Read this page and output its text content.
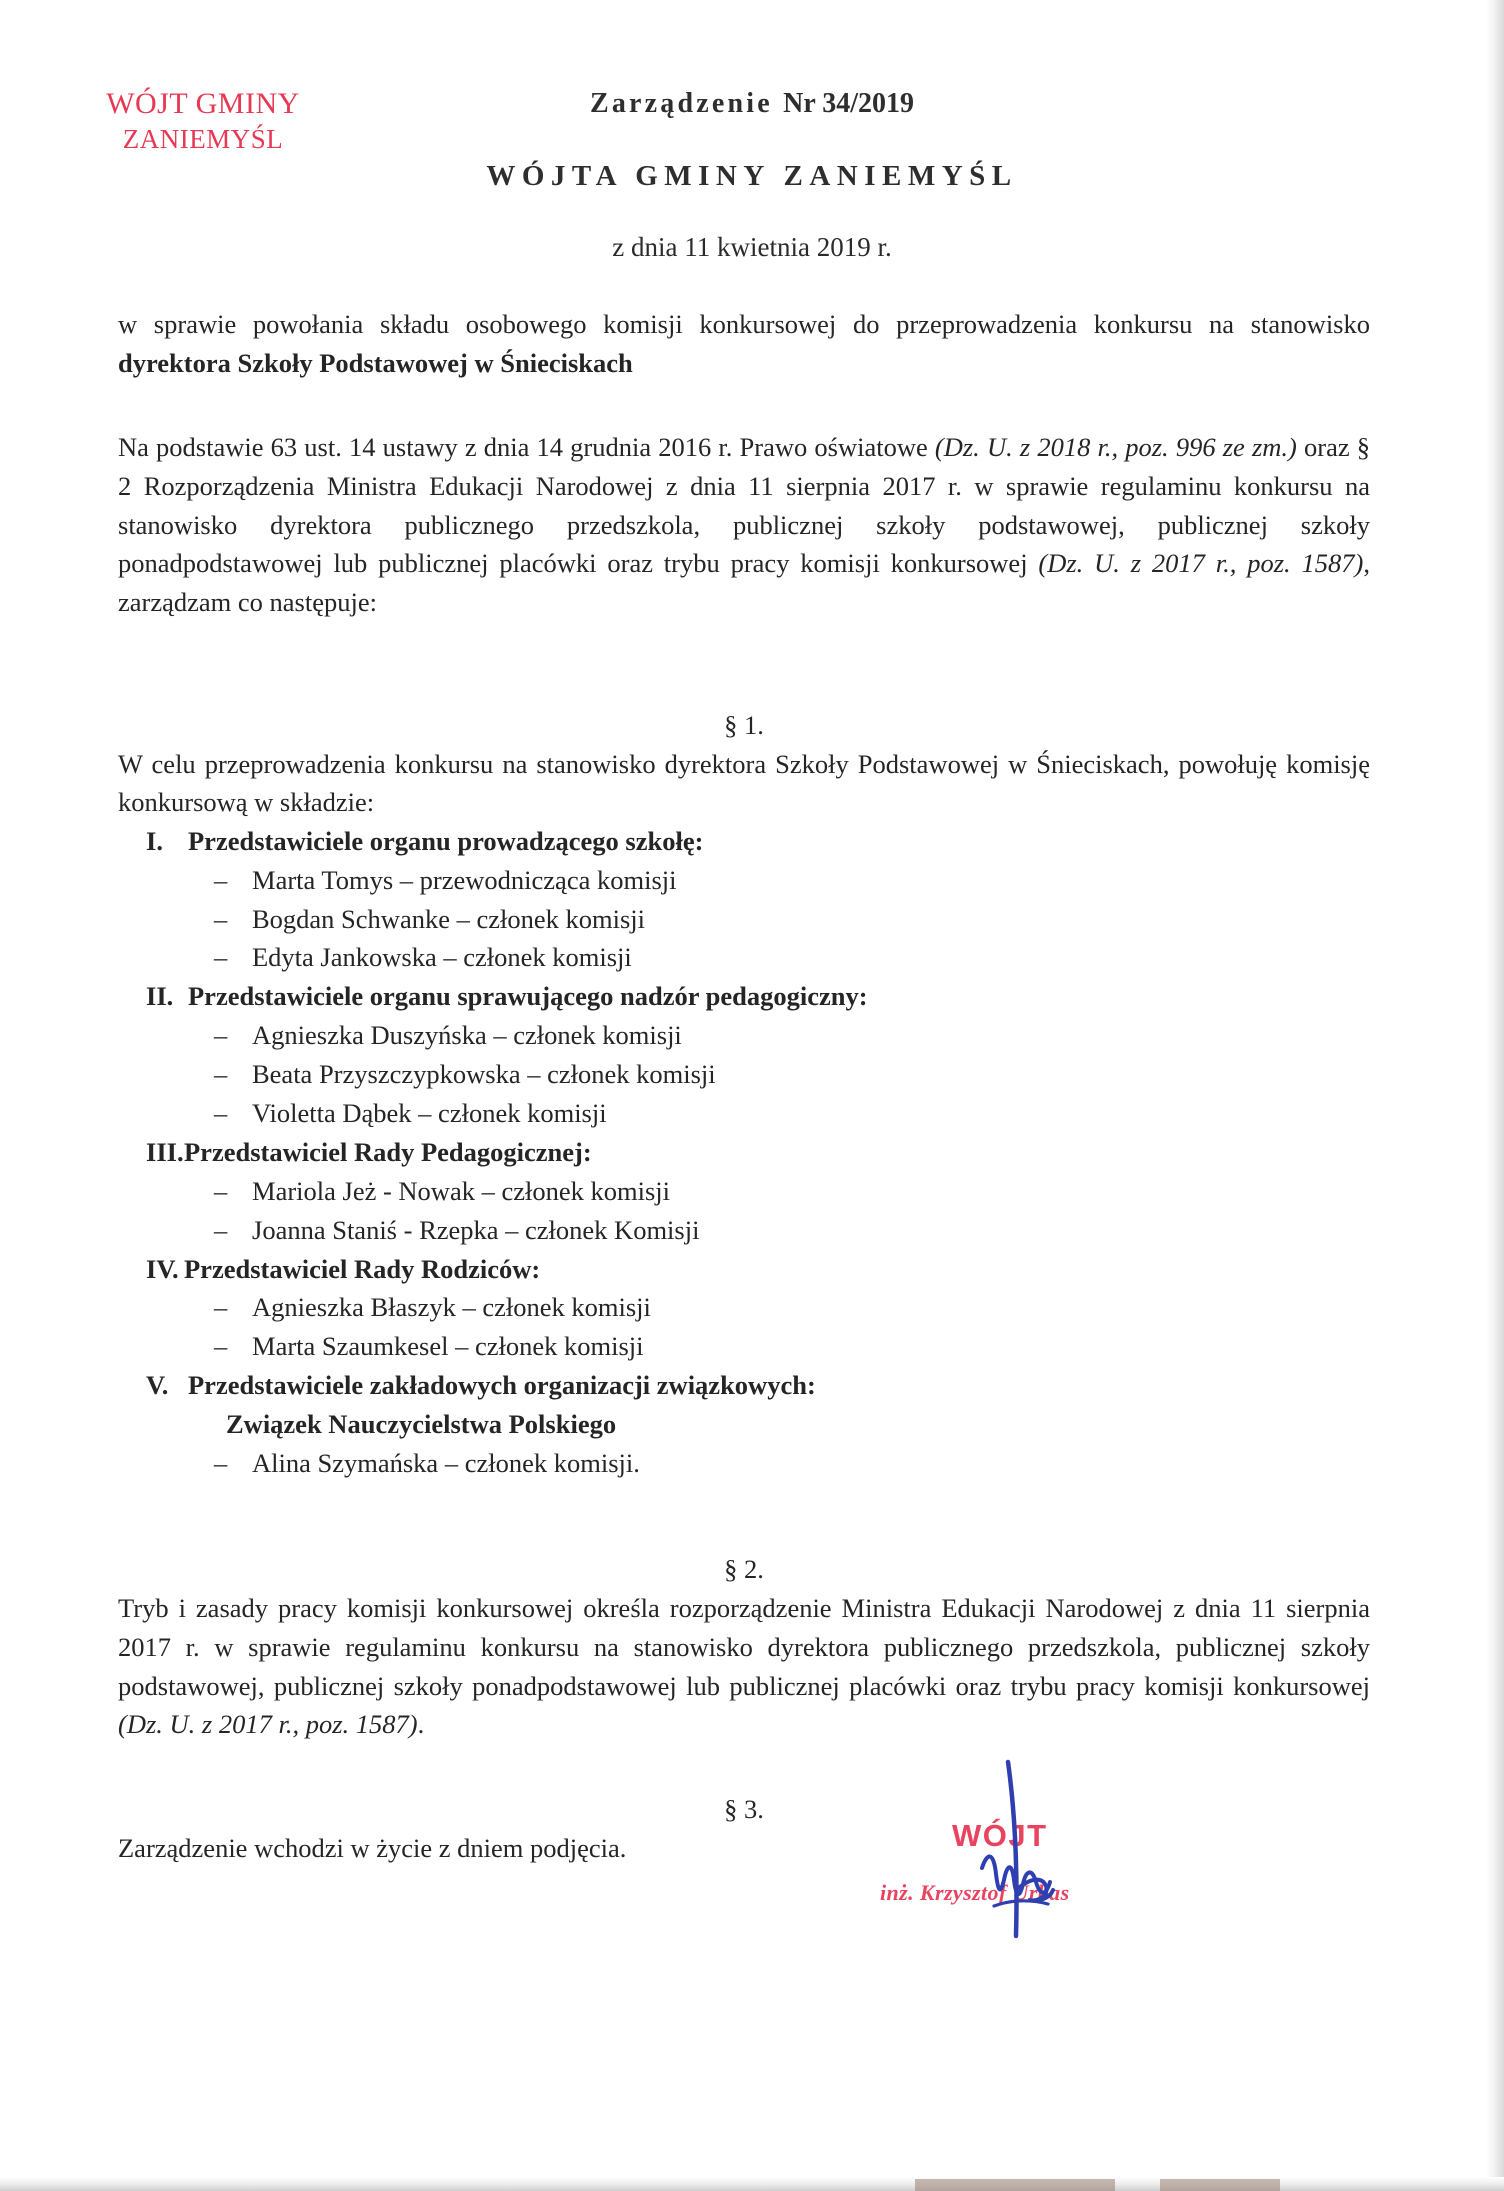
WÓJT GMINY
ZANIEMYŚL
Zarządzenie Nr 34/2019
WÓJTA GMINY ZANIEMYŚL
z dnia 11 kwietnia 2019 r.

w sprawie powołania składu osobowego komisji konkursowej do przeprowadzenia konkursu na stanowisko dyrektora Szkoły Podstawowej w Śnieciskach

Na podstawie 63 ust. 14 ustawy z dnia 14 grudnia 2016 r. Prawo oświatowe (Dz. U. z 2018 r., poz. 996 ze zm.) oraz § 2 Rozporządzenia Ministra Edukacji Narodowej z dnia 11 sierpnia 2017 r. w sprawie regulaminu konkursu na stanowisko dyrektora publicznego przedszkola, publicznej szkoły podstawowej, publicznej szkoły ponadpodstawowej lub publicznej placówki oraz trybu pracy komisji konkursowej (Dz. U. z 2017 r., poz. 1587), zarządzam co następuje:

§ 1.

W celu przeprowadzenia konkursu na stanowisko dyrektora Szkoły Podstawowej w Śnieciskach, powołuję komisję konkursową w składzie:

I. Przedstawiciele organu prowadzącego szkołę:
– Marta Tomys – przewodnicząca komisji
– Bogdan Schwanke – członek komisji
– Edyta Jankowska – członek komisji
II. Przedstawiciele organu sprawującego nadzór pedagogiczny:
– Agnieszka Duszyńska – członek komisji
– Beata Przyszczypkowska – członek komisji
– Violetta Dąbek – członek komisji
III. Przedstawiciel Rady Pedagogicznej:
– Mariola Jeż - Nowak – członek komisji
– Joanna Staniś - Rzepka – członek Komisji
IV. Przedstawiciel Rady Rodziców:
– Agnieszka Błaszyk – członek komisji
– Marta Szaumkesel – członek komisji
V. Przedstawiciele zakładowych organizacji związkowych:
Związek Nauczycielstwa Polskiego
– Alina Szymańska – członek komisji.
§ 2.

Tryb i zasady pracy komisji konkursowej określa rozporządzenie Ministra Edukacji Narodowej z dnia 11 sierpnia 2017 r. w sprawie regulaminu konkursu na stanowisko dyrektora publicznego przedszkola, publicznej szkoły podstawowej, publicznej szkoły ponadpodstawowej lub publicznej placówki oraz trybu pracy komisji konkursowej (Dz. U. z 2017 r., poz. 1587).

§ 3.

Zarządzenie wchodzi w życie z dniem podjęcia.	WÓJT
inż. Krzysztof Urbas
